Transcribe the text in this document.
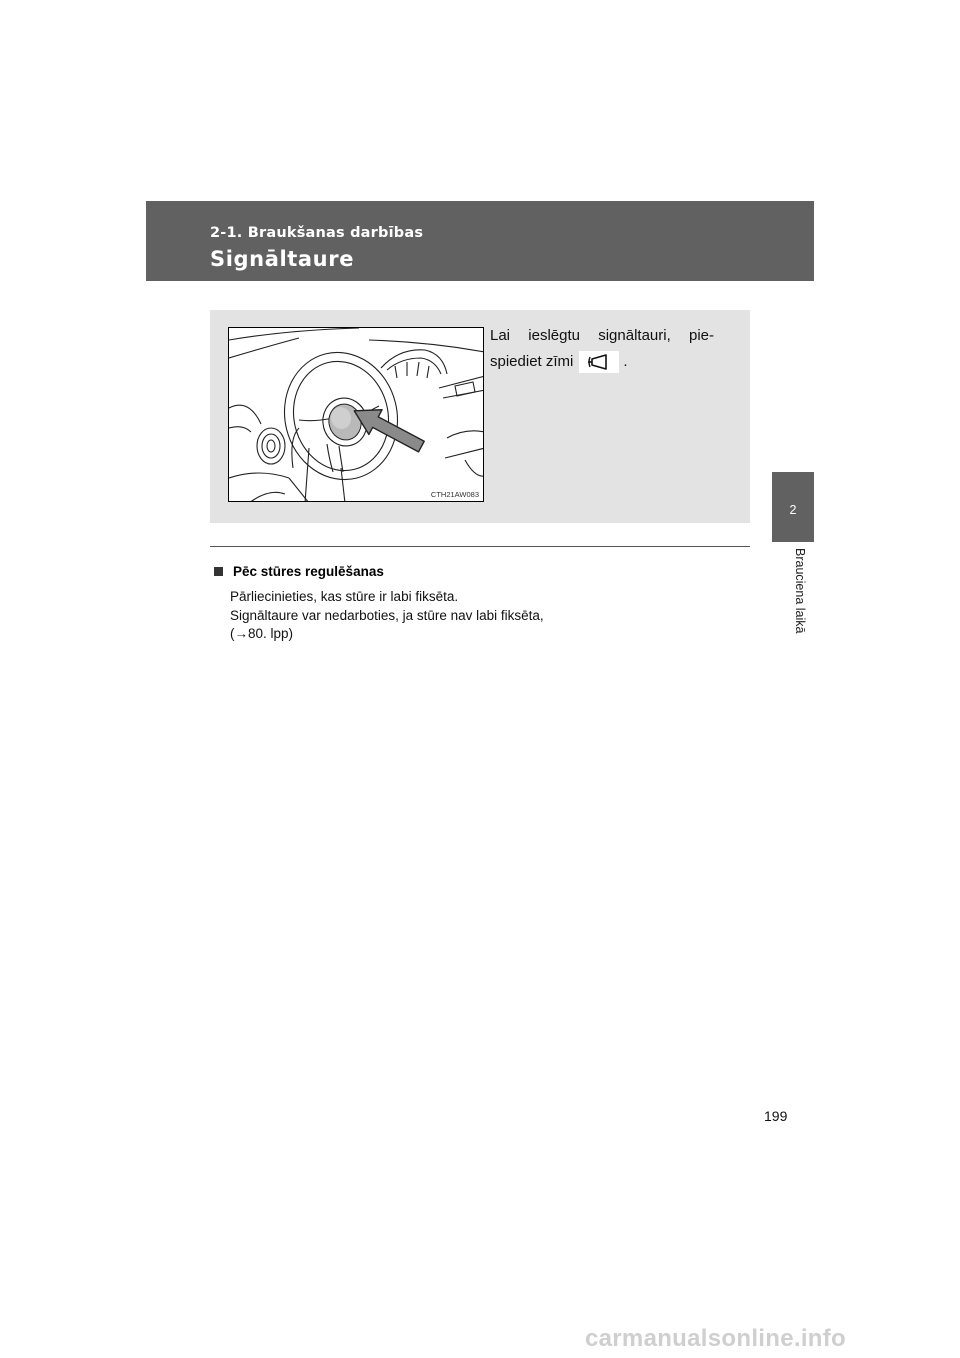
2-1. Braukšanas darbības
Signāltaure
2
Brauciena laikā
CTH21AW083
Lai ieslēgtu signāltauri, pie-
spiediet zīmi	.
Pēc stūres regulēšanas
Pārliecinieties, kas stūre ir labi fiksēta.
Signāltaure var nedarboties, ja stūre nav labi fiksēta,
(→80. lpp)
199
carmanualsonline.info
